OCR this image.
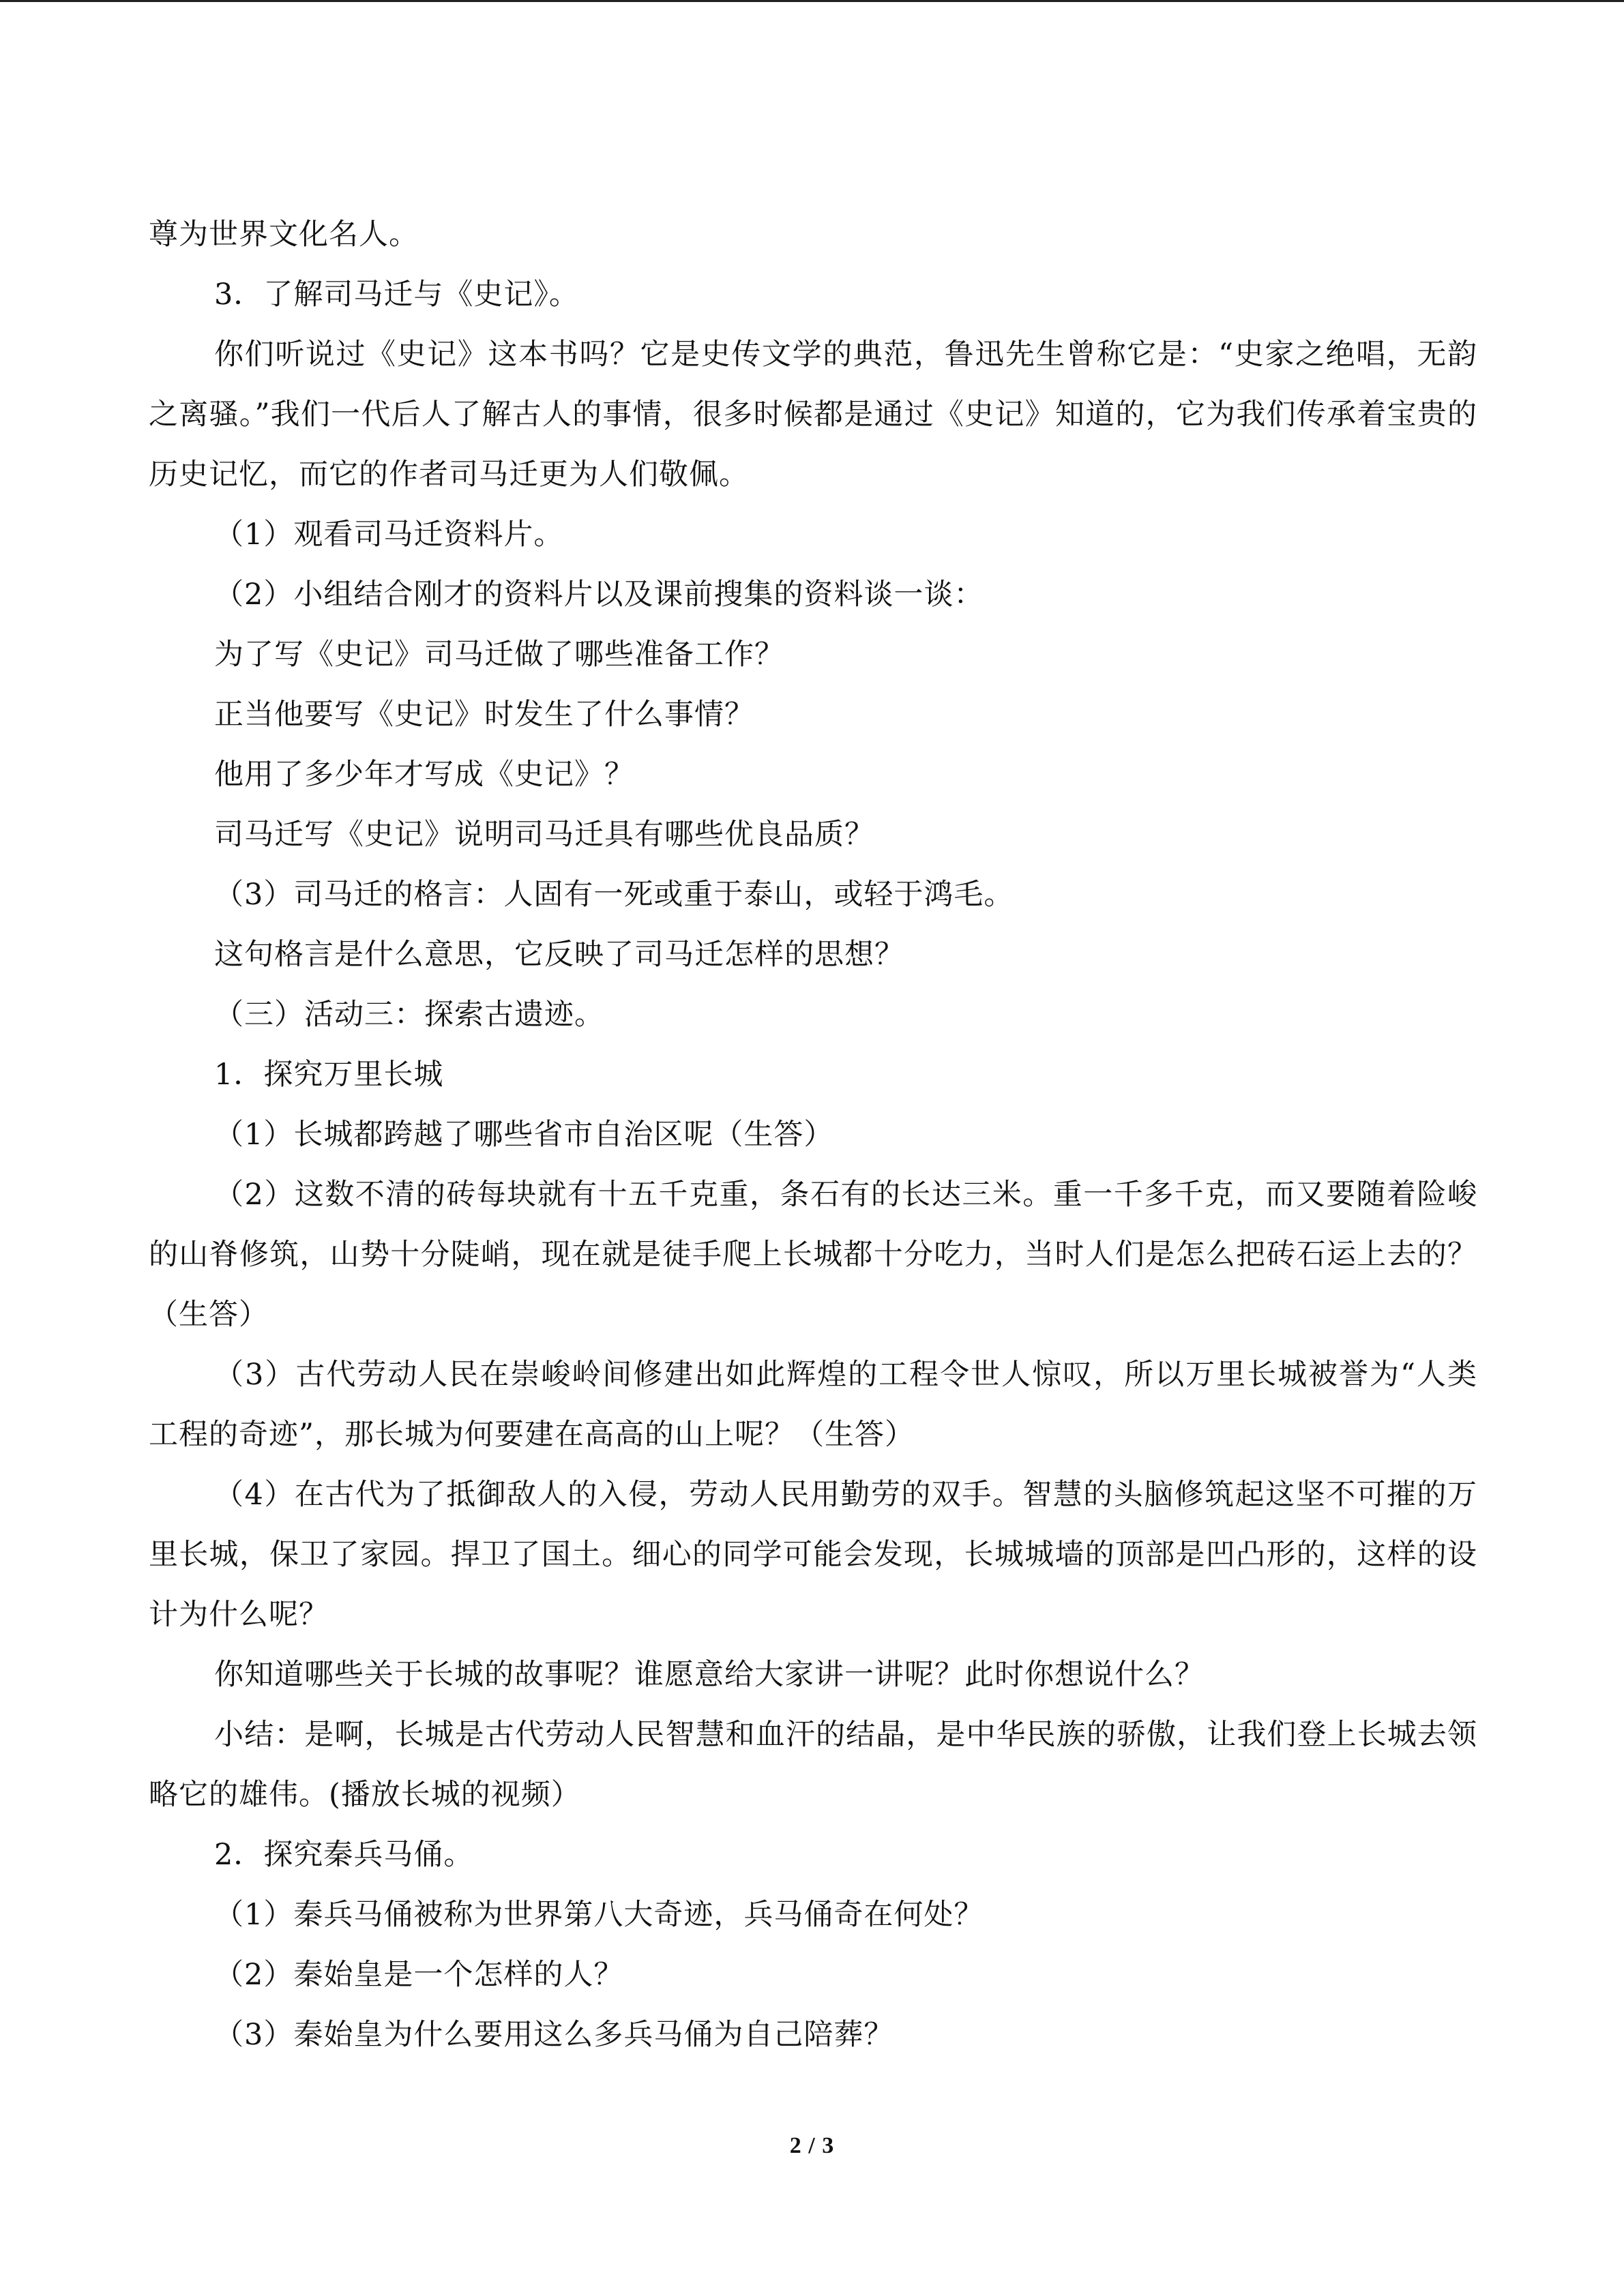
尊为世界文化名人。

3．了解司马迁与《史记》。

你们听说过《史记》这本书吗？它是史传文学的典范，鲁迅先生曾称它是：“史家之绝唱，无韵之离骚。”我们一代后人了解古人的事情，很多时候都是通过《史记》知道的，它为我们传承着宝贵的历史记忆，而它的作者司马迁更为人们敬佩。

（1）观看司马迁资料片。

（2）小组结合刚才的资料片以及课前搜集的资料谈一谈：

为了写《史记》司马迁做了哪些准备工作？

正当他要写《史记》时发生了什么事情？

他用了多少年才写成《史记》？

司马迁写《史记》说明司马迁具有哪些优良品质？

（3）司马迁的格言：人固有一死或重于泰山，或轻于鸿毛。

这句格言是什么意思，它反映了司马迁怎样的思想？

（三）活动三：探索古遗迹。

1．探究万里长城

（1）长城都跨越了哪些省市自治区呢（生答）

（2）这数不清的砖每块就有十五千克重，条石有的长达三米。重一千多千克，而又要随着险峻的山脊修筑，山势十分陡峭，现在就是徒手爬上长城都十分吃力，当时人们是怎么把砖石运上去的？（生答）

（3）古代劳动人民在崇峻岭间修建出如此辉煌的工程令世人惊叹，所以万里长城被誉为“人类工程的奇迹”，那长城为何要建在高高的山上呢？（生答）

（4）在古代为了抵御敌人的入侵，劳动人民用勤劳的双手。智慧的头脑修筑起这坚不可摧的万里长城，保卫了家园。捍卫了国土。细心的同学可能会发现，长城城墙的顶部是凹凸形的，这样的设计为什么呢？

你知道哪些关于长城的故事呢？谁愿意给大家讲一讲呢？此时你想说什么？

小结：是啊，长城是古代劳动人民智慧和血汗的结晶，是中华民族的骄傲，让我们登上长城去领略它的雄伟。(播放长城的视频）

2．探究秦兵马俑。

（1）秦兵马俑被称为世界第八大奇迹，兵马俑奇在何处？

（2）秦始皇是一个怎样的人？

（3）秦始皇为什么要用这么多兵马俑为自己陪葬？

2 / 3
